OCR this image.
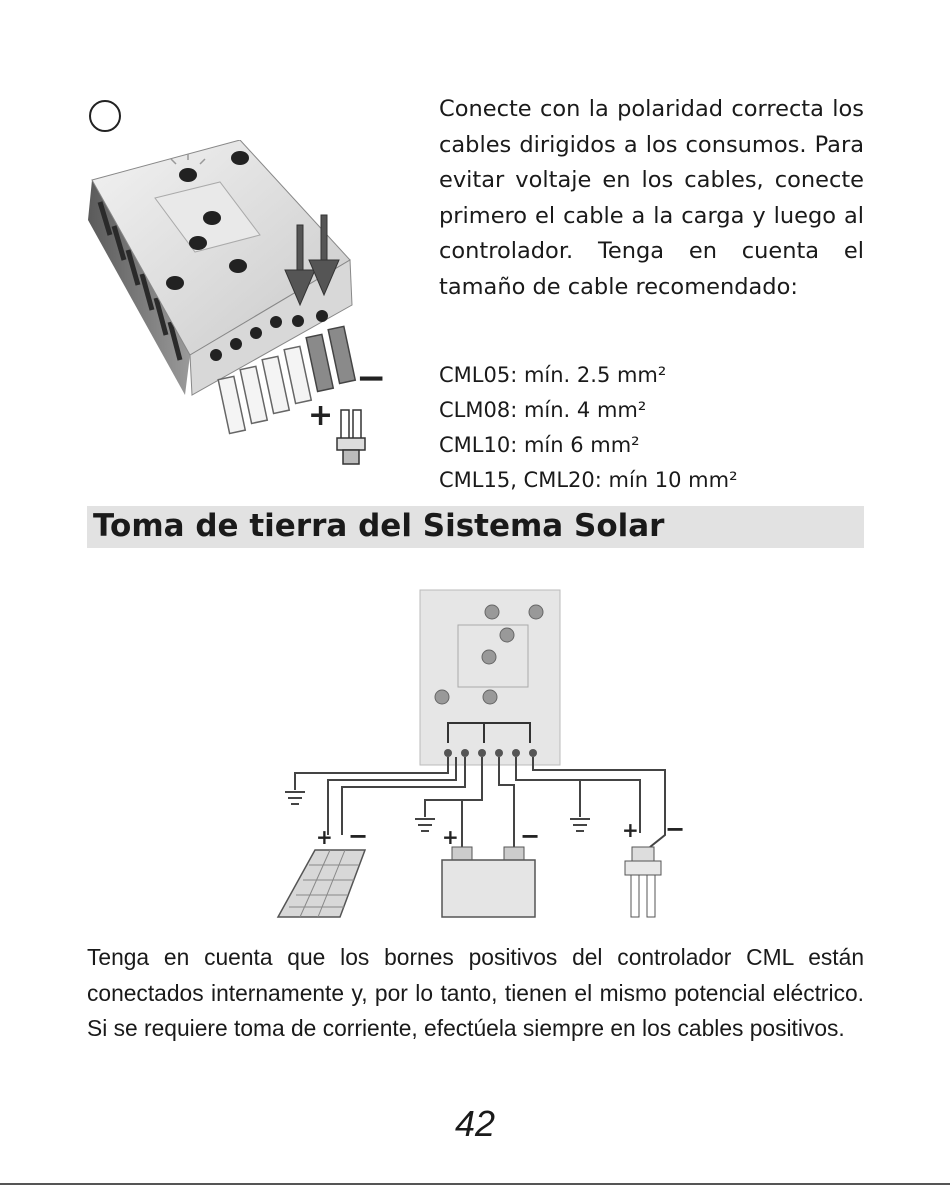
+
−

Conecte con la polaridad correcta los cables dirigidos a los consumos. Para evitar voltaje en los cables, conecte primero el cable a la carga y luego al controlador. Tenga en cuenta el tamaño de cable recomendado:

CML05: mín. 2.5 mm²
CLM08: mín. 4 mm²
CML10: mín 6 mm²
CML15, CML20: mín 10 mm²
Toma de tierra del Sistema Solar
+ −	+	−	+ −

Tenga en cuenta que los bornes positivos del controlador CML están conectados internamente y, por lo tanto, tienen el mismo potencial eléctrico. Si se requiere toma de corriente, efectúela siempre en los cables positivos.

42
